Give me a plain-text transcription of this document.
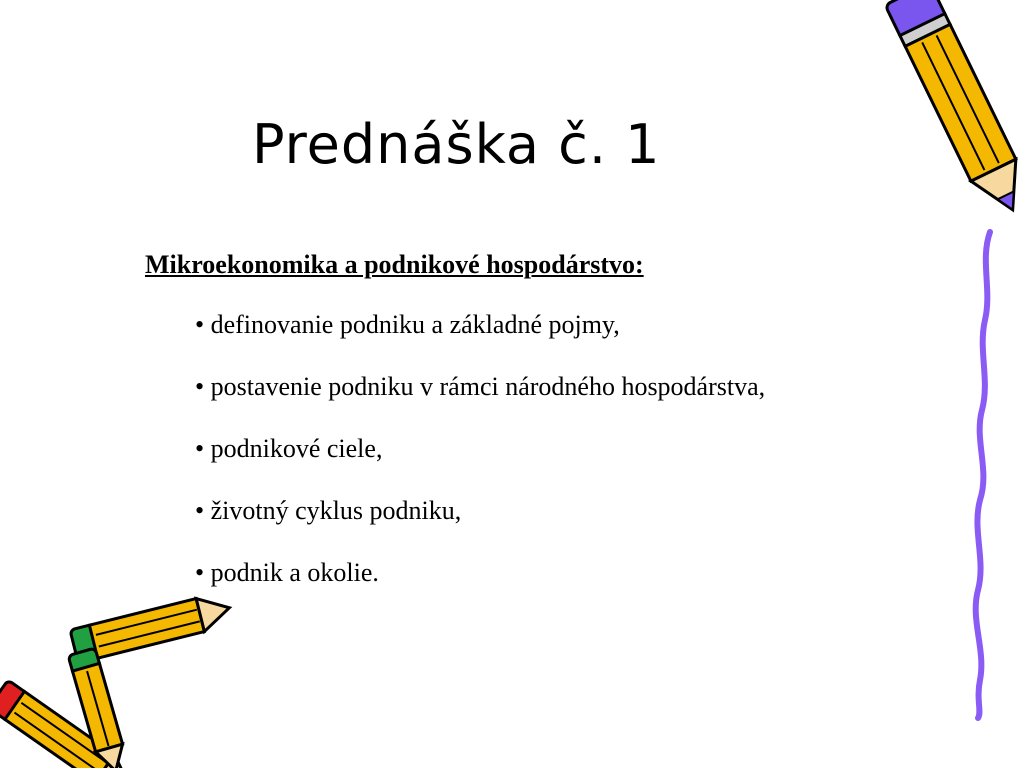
Prednáška č. 1
Mikroekonomika a podnikové hospodárstvo:
• definovanie podniku a základné pojmy,
• postavenie podniku v rámci národného hospodárstva,
• podnikové ciele,
• životný cyklus podniku,
• podnik a okolie.
